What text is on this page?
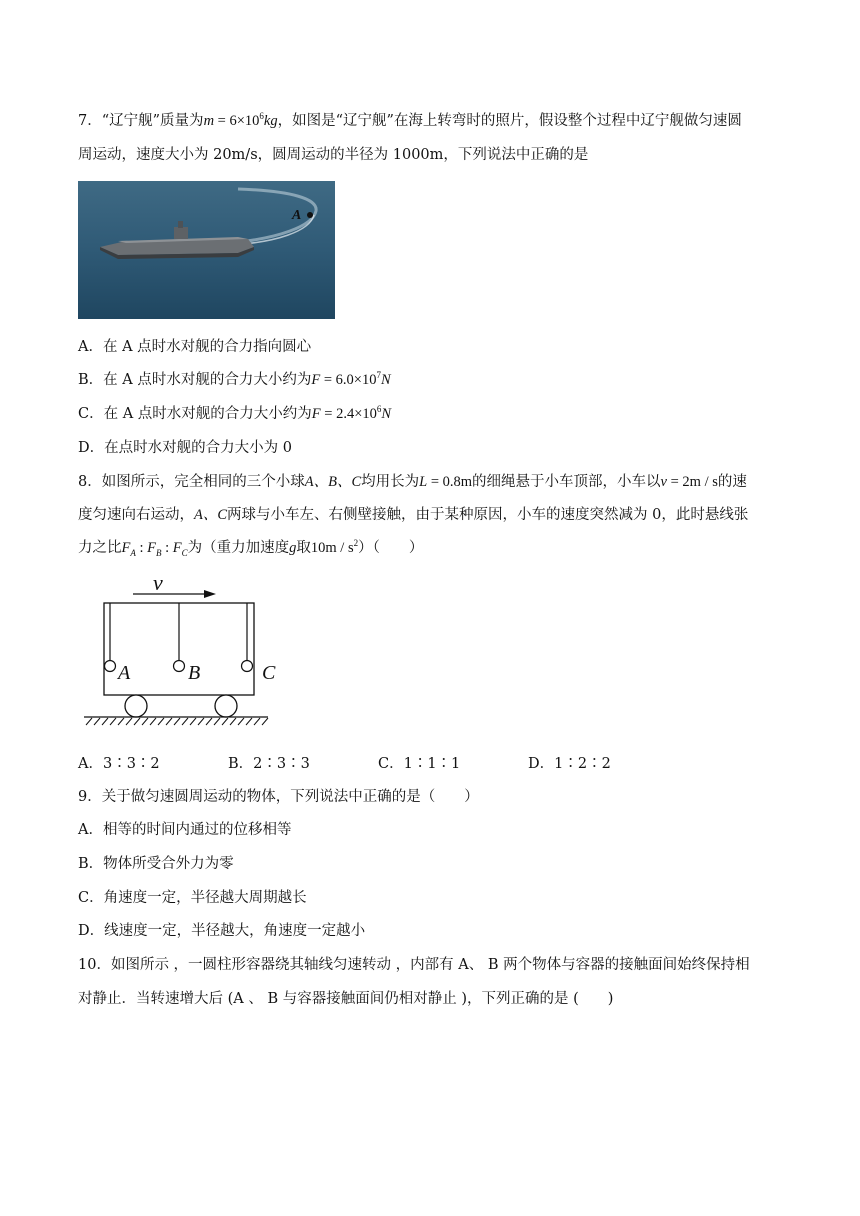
7．“辽宁舰”质量为$m = 6\times 10^6kg$，如图是“辽宁舰”在海上转弯时的照片，假设整个过程中辽宁舰做匀速圆
周运动，速度大小为 20m/s，圆周运动的半径为 1000m，下列说法中正确的是
A
A．在 A 点时水对舰的合力指向圆心
B．在 A 点时水对舰的合力大小约为$F = 6.0\times 10^7N$
C．在 A 点时水对舰的合力大小约为$F = 2.4\times 10^6N$
D．在点时水对舰的合力大小为 0
8．如图所示，完全相同的三个小球A、B、C均用长为L = 0.8m的细绳悬于小车顶部，小车以v = 2m / s的速
度匀速向右运动，A、C两球与小车左、右侧壁接触，由于某种原因，小车的速度突然减为 0，此时悬线张
力之比$F_A$ : $F_B$ : $F_C$为（重力加速度g取$10m / s^2$）（　　）
v
A	B	C
A．3∶3∶2	B．2∶3∶3	C．1∶1∶1	D．1∶2∶2
9．关于做匀速圆周运动的物体，下列说法中正确的是（　　）
A．相等的时间内通过的位移相等
B．物体所受合外力为零
C．角速度一定，半径越大周期越长
D．线速度一定，半径越大，角速度一定越小
10．如图所示 ，一圆柱形容器绕其轴线匀速转动 ，内部有 A、 B 两个物体与容器的接触面间始终保持相
对静止．当转速增大后 (A 、 B 与容器接触面间仍相对静止 )，下列正确的是 (　　)
